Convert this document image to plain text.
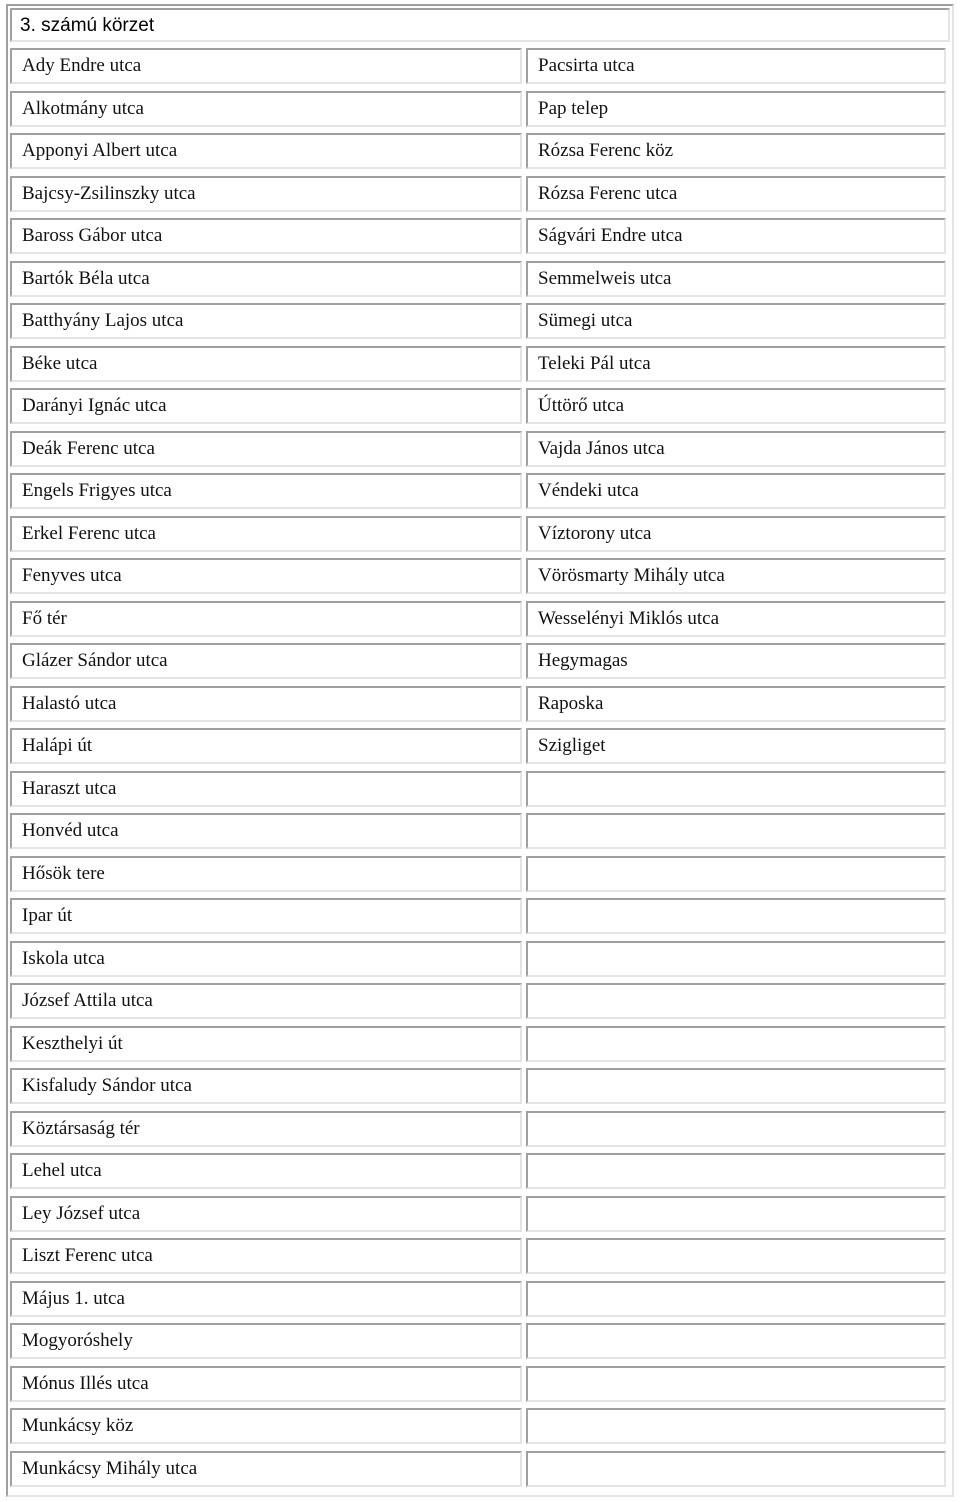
3. számú körzet
Ady Endre utca	Pacsirta utca
Alkotmány utca	Pap telep
Apponyi Albert utca	Rózsa Ferenc köz
Bajcsy-Zsilinszky utca	Rózsa Ferenc utca
Baross Gábor utca	Ságvári Endre utca
Bartók Béla utca	Semmelweis utca
Batthyány Lajos utca	Sümegi utca
Béke utca	Teleki Pál utca
Darányi Ignác utca	Úttörő utca
Deák Ferenc utca	Vajda János utca
Engels Frigyes utca	Véndeki utca
Erkel Ferenc utca	Víztorony utca
Fenyves utca	Vörösmarty Mihály utca
Fő tér	Wesselényi Miklós utca
Glázer Sándor utca	Hegymagas
Halastó utca	Raposka
Halápi út	Szigliget
Haraszt utca
Honvéd utca
Hősök tere
Ipar út
Iskola utca
József Attila utca
Keszthelyi út
Kisfaludy Sándor utca
Köztársaság tér
Lehel utca
Ley József utca
Liszt Ferenc utca
Május 1. utca
Mogyoróshely
Mónus Illés utca
Munkácsy köz
Munkácsy Mihály utca
